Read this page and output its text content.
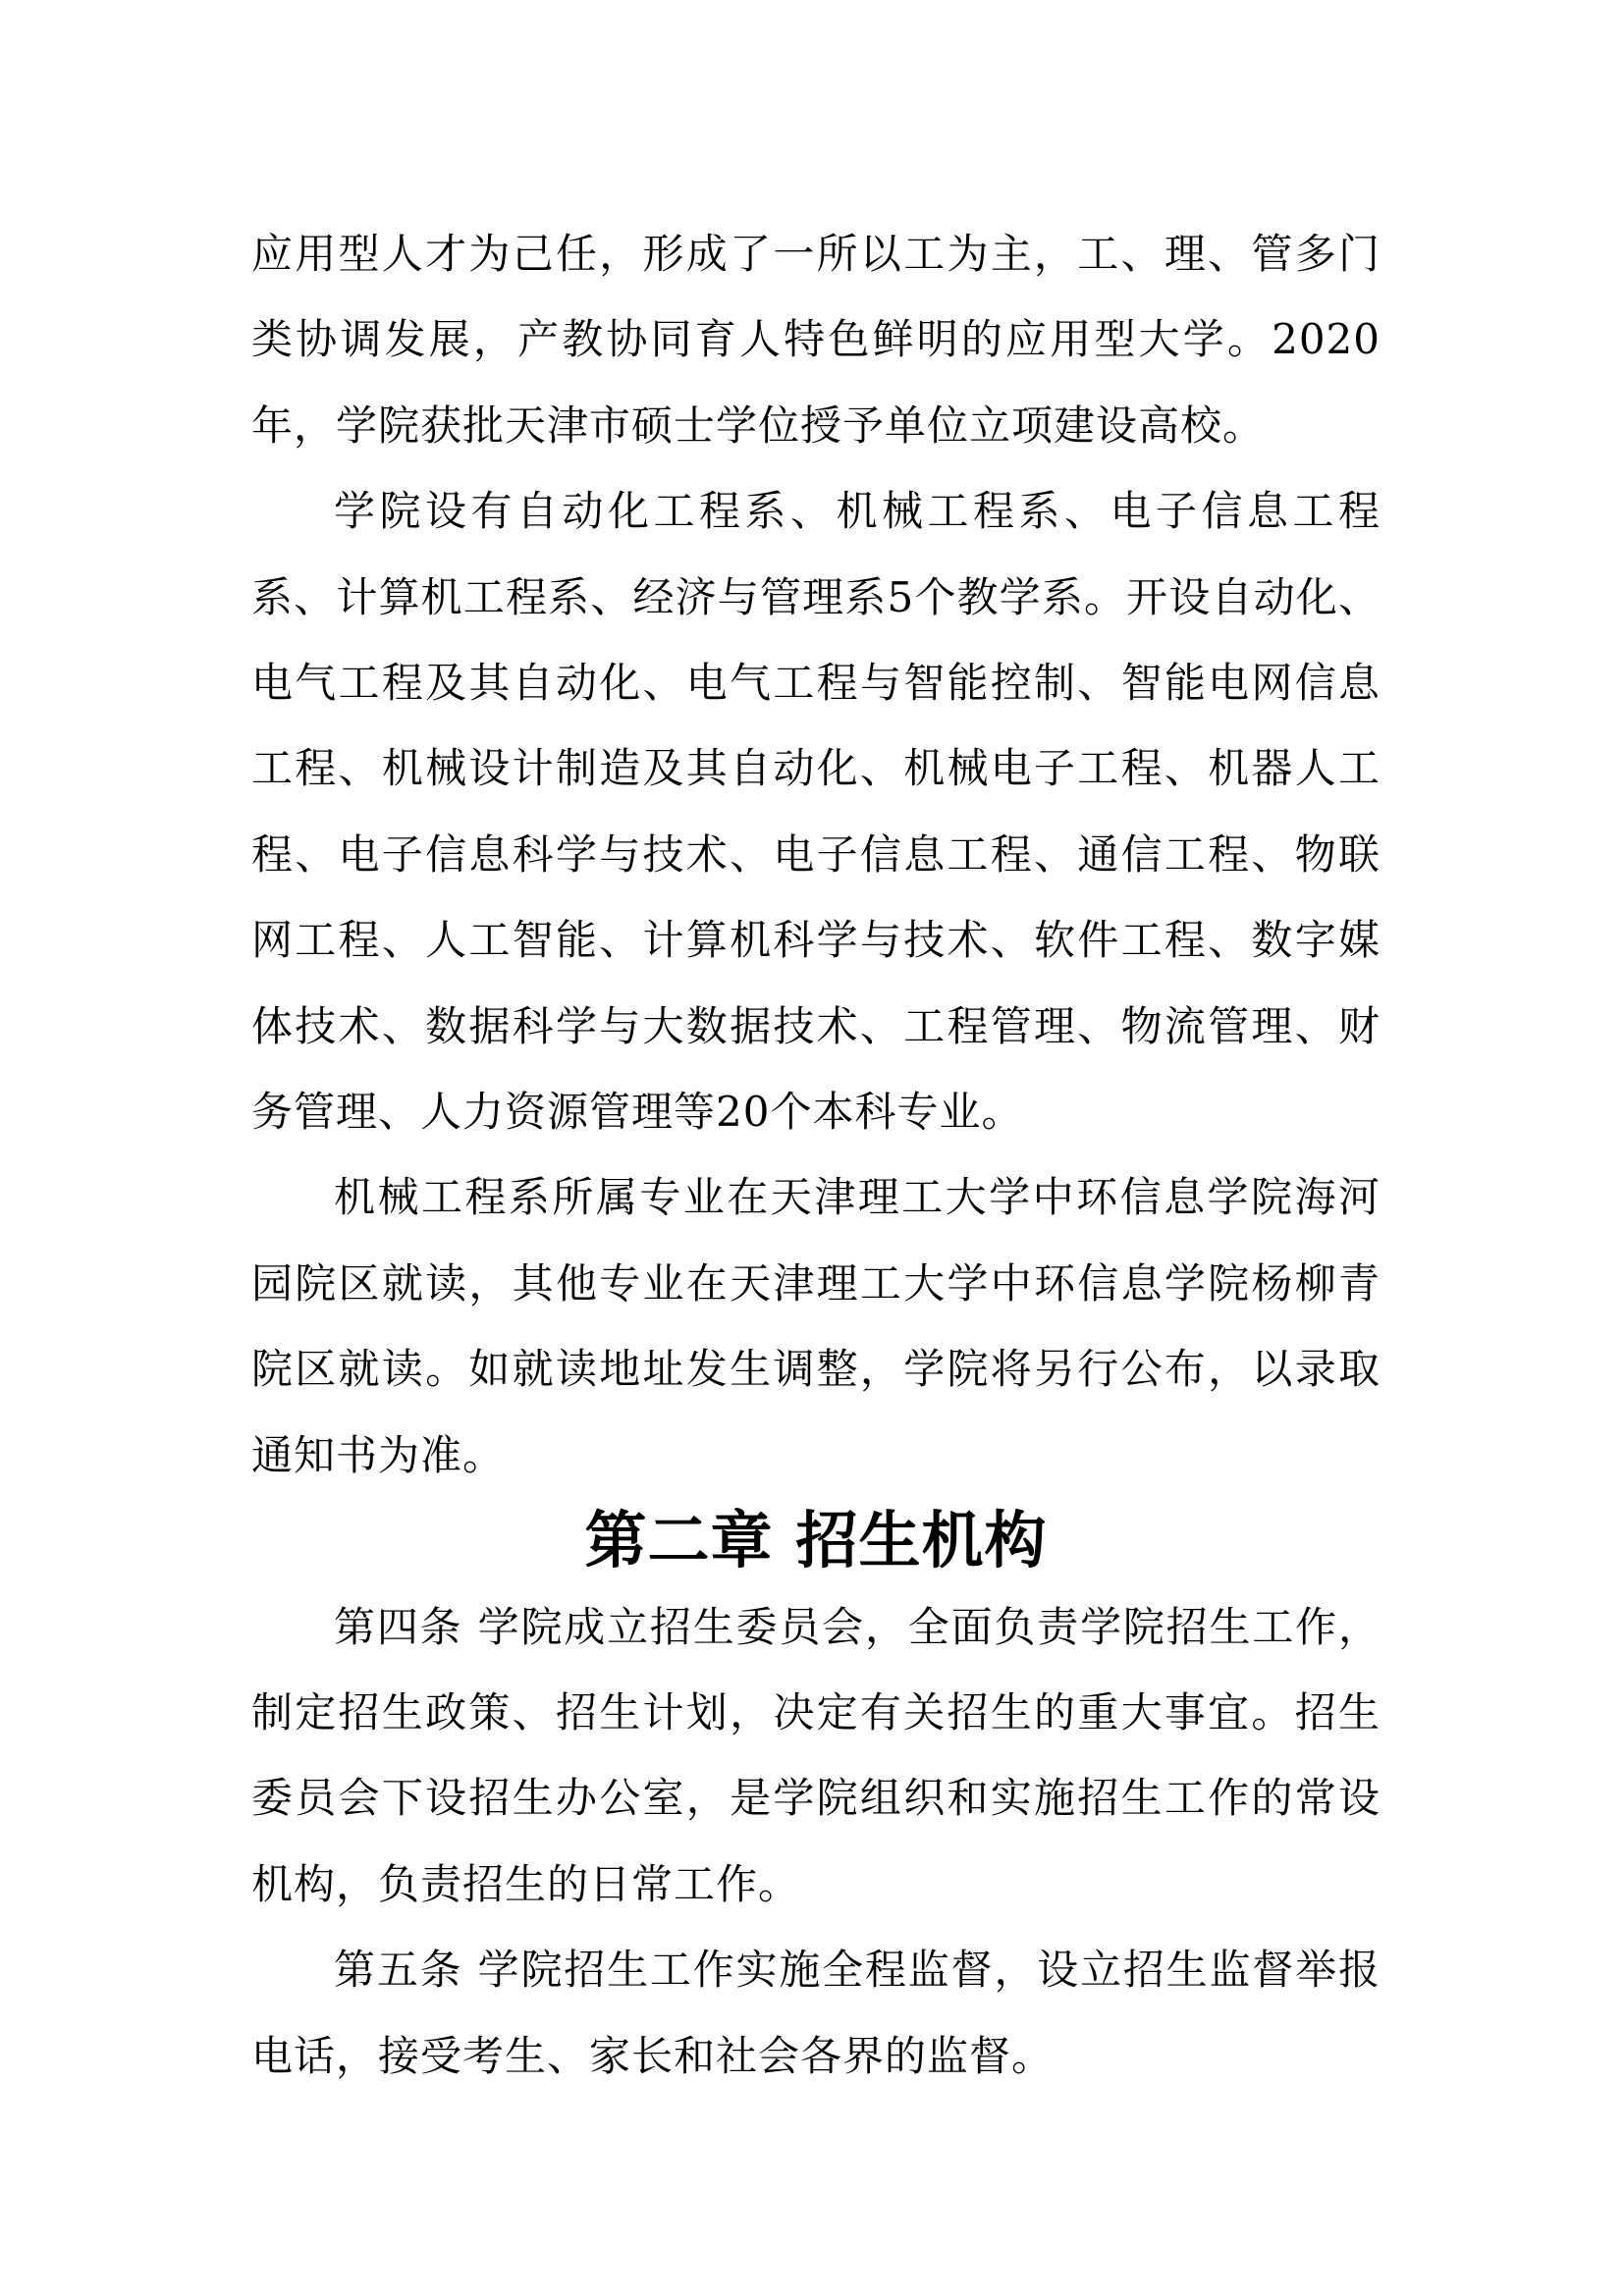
应用型人才为己任，形成了一所以工为主，工、理、管多门类协调发展，产教协同育人特色鲜明的应用型大学。2020年，学院获批天津市硕士学位授予单位立项建设高校。

学院设有自动化工程系、机械工程系、电子信息工程系、计算机工程系、经济与管理系5个教学系。开设自动化、电气工程及其自动化、电气工程与智能控制、智能电网信息工程、机械设计制造及其自动化、机械电子工程、机器人工程、电子信息科学与技术、电子信息工程、通信工程、物联网工程、人工智能、计算机科学与技术、软件工程、数字媒体技术、数据科学与大数据技术、工程管理、物流管理、财务管理、人力资源管理等20个本科专业。

机械工程系所属专业在天津理工大学中环信息学院海河园院区就读，其他专业在天津理工大学中环信息学院杨柳青院区就读。如就读地址发生调整，学院将另行公布，以录取通知书为准。

第二章 招生机构

第四条 学院成立招生委员会，全面负责学院招生工作，制定招生政策、招生计划，决定有关招生的重大事宜。招生委员会下设招生办公室，是学院组织和实施招生工作的常设机构，负责招生的日常工作。

第五条 学院招生工作实施全程监督，设立招生监督举报电话，接受考生、家长和社会各界的监督。
